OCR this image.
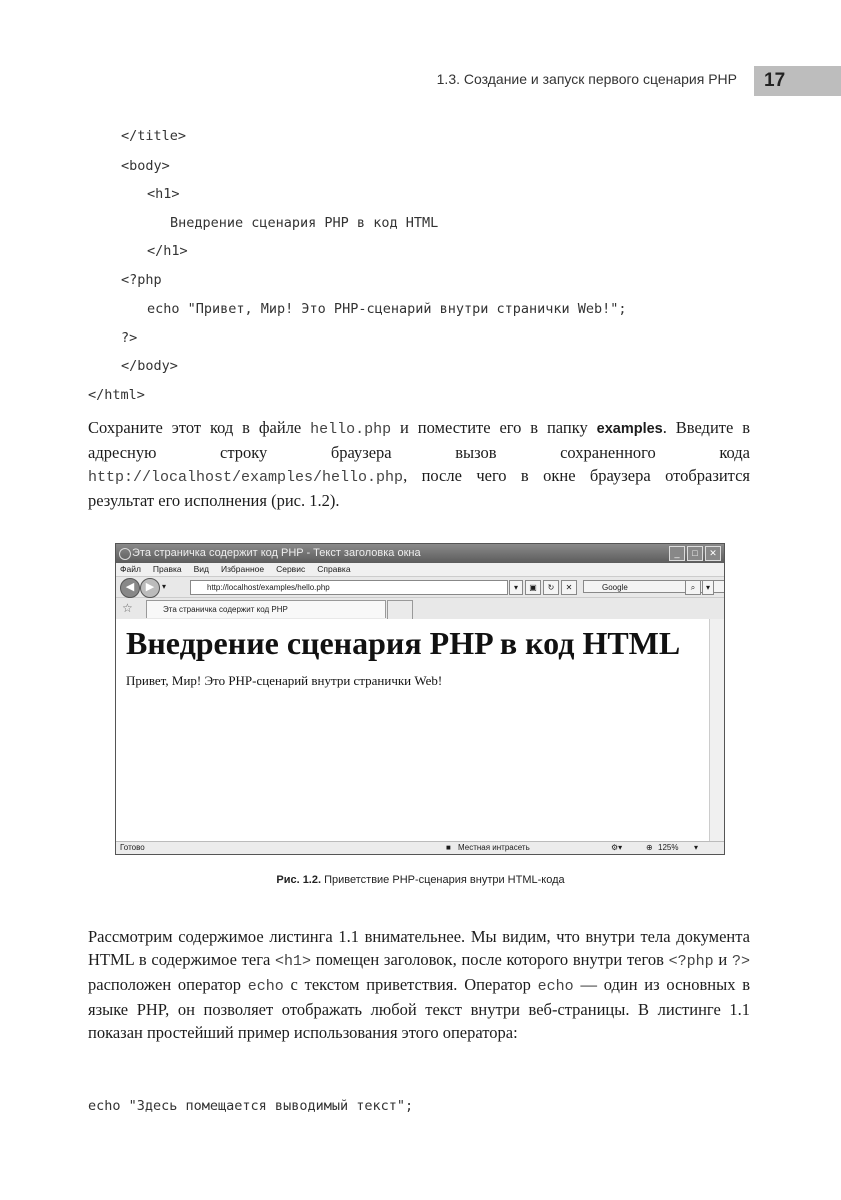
1.3. Создание и запуск первого сценария PHP	17

</title>

<body>

<h1>

Внедрение сценария PHP в код HTML

</h1>

<?php

echo "Привет, Мир! Это PHP-сценарий внутри странички Web!";

?>

</body>

</html>

Сохраните этот код в файле hello.php и поместите его в папку examples. Введите в адресную строку браузера вызов сохраненного кода http://localhost/examples/hello.php, после чего в окне браузера отобразится результат его исполнения (рис. 1.2).
Эта страничка содержит код PHP - Текст заголовка окна	_	□	✕
Файл Правка Вид Избранное Сервис Справка
◀	▶ ▾	http://localhost/examples/hello.php	▾	▣	↻	✕	Google	⌕	▾
☆	Эта страничка содержит код PHP
Внедрение сценария PHP в код HTML
Привет, Мир! Это PHP-сценарий внутри странички Web!
Готово	■ Местная интрасеть	⚙▾	⊕ 125% ▾
Рис. 1.2. Приветствие PHP-сценария внутри HTML-кода
Рассмотрим содержимое листинга 1.1 внимательнее. Мы видим, что внутри тела документа HTML в содержимое тега <h1> помещен заголовок, после которого внутри тегов <?php и ?> расположен оператор echo с текстом приветствия. Оператор echo — один из основных в языке PHP, он позволяет отображать любой текст внутри веб-страницы. В листинге 1.1 показан простейший пример использования этого оператора:

echo "Здесь помещается выводимый текст";
